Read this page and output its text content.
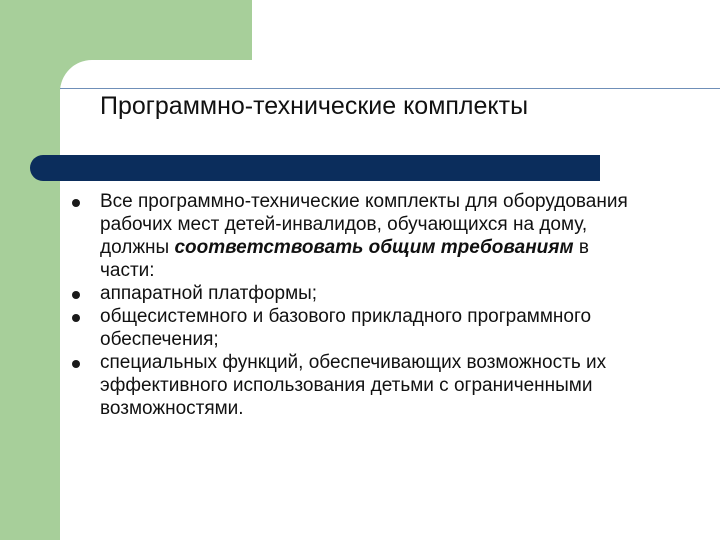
Программно-технические комплекты
Все программно-технические комплекты для оборудования рабочих мест детей-инвалидов, обучающихся на дому, должны соответствовать общим требованиям в части:
аппаратной платформы;
общесистемного и базового прикладного программного обеспечения;
специальных функций, обеспечивающих возможность их эффективного использования детьми с ограниченными возможностями.
